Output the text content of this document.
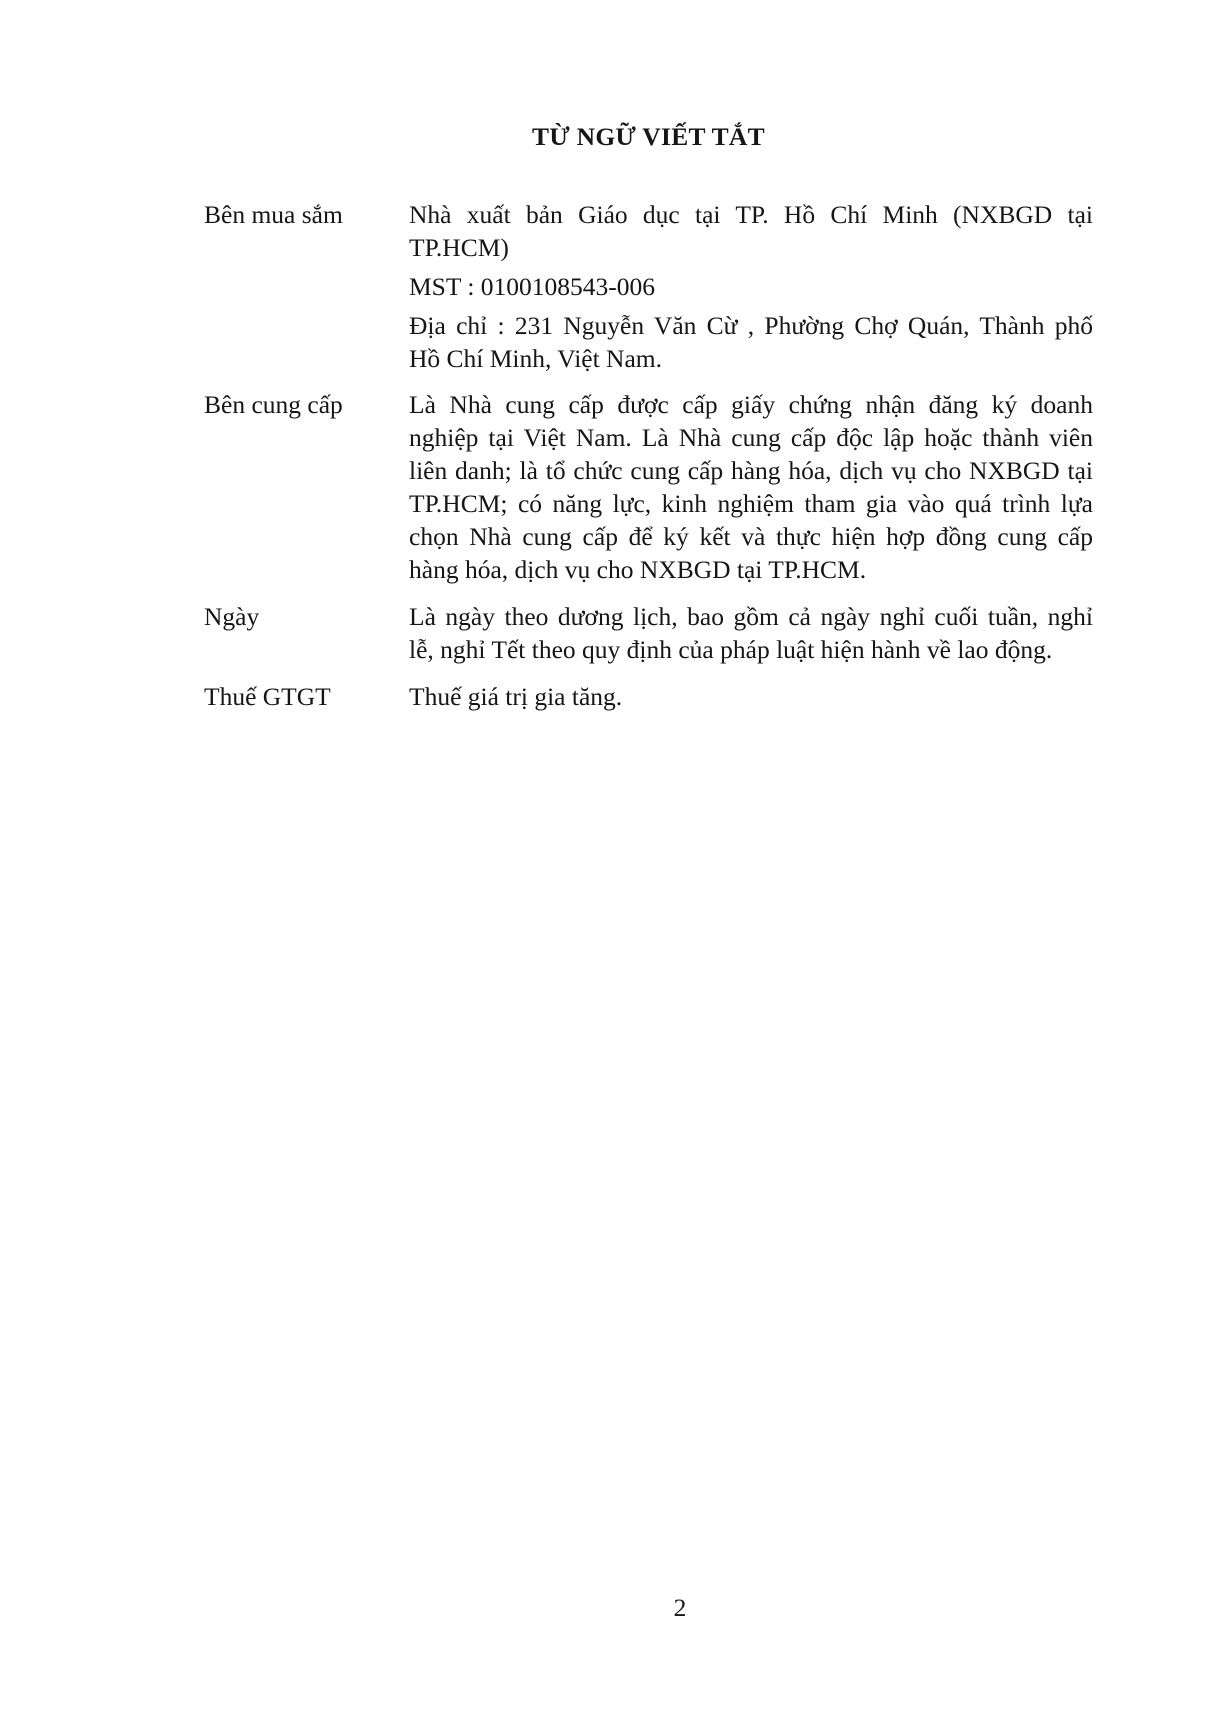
TỪ NGỮ VIẾT TẮT
Bên mua sắm	Nhà xuất bản Giáo dục tại TP. Hồ Chí Minh (NXBGD tại
TP.HCM)
MST : 0100108543-006
Địa chỉ : 231 Nguyễn Văn Cừ , Phường Chợ Quán, Thành phố
Hồ Chí Minh, Việt Nam.
Bên cung cấp	Là Nhà cung cấp được cấp giấy chứng nhận đăng ký doanh
nghiệp tại Việt Nam. Là Nhà cung cấp độc lập hoặc thành viên
liên danh; là tổ chức cung cấp hàng hóa, dịch vụ cho NXBGD tại
TP.HCM; có năng lực, kinh nghiệm tham gia vào quá trình lựa
chọn Nhà cung cấp để ký kết và thực hiện hợp đồng cung cấp
hàng hóa, dịch vụ cho NXBGD tại TP.HCM.
Ngày	Là ngày theo dương lịch, bao gồm cả ngày nghỉ cuối tuần, nghỉ
lễ, nghỉ Tết theo quy định của pháp luật hiện hành về lao động.
Thuế GTGT	Thuế giá trị gia tăng.
2
